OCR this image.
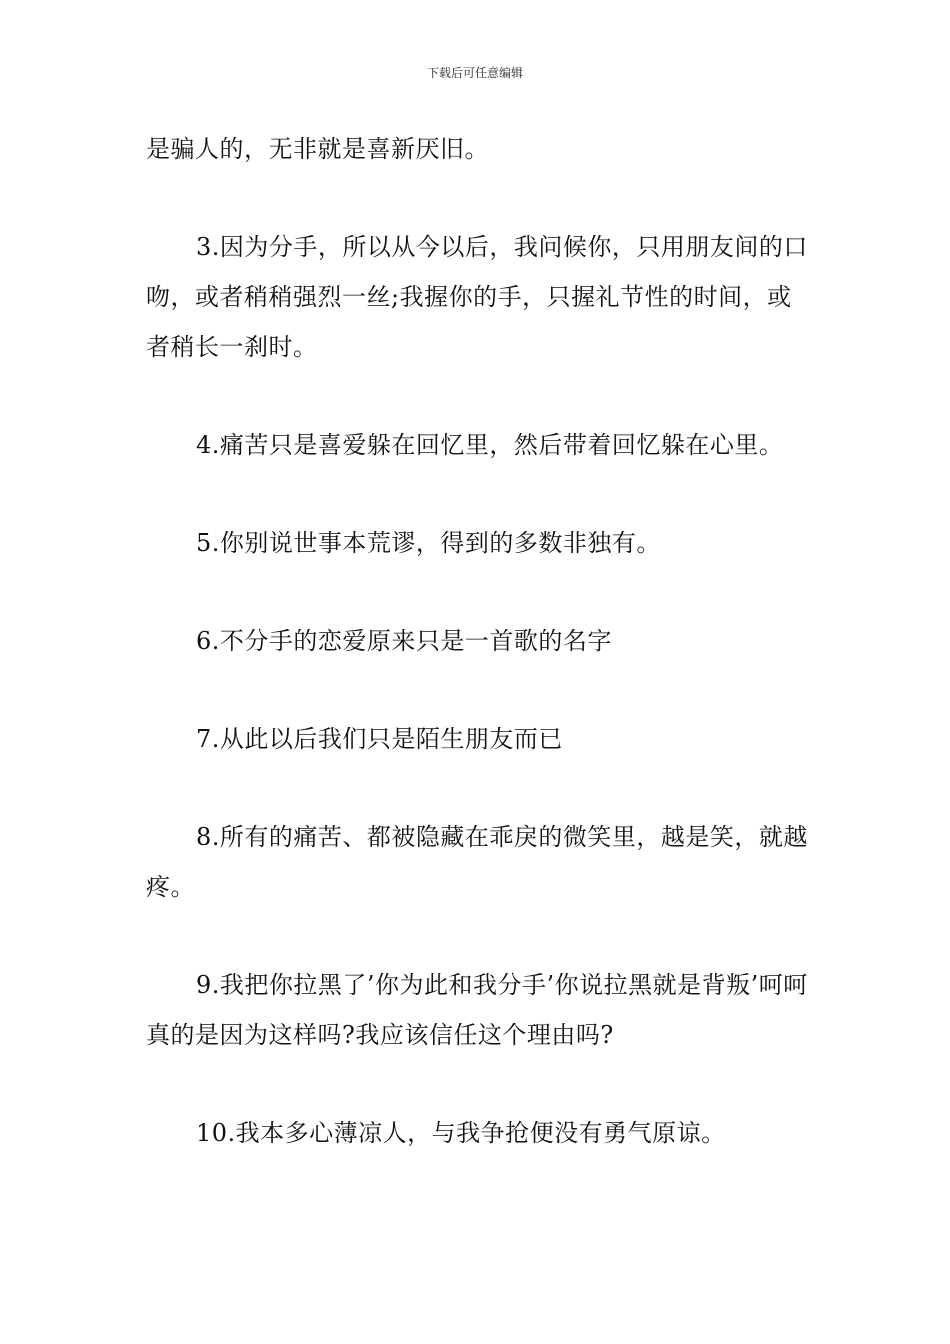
下载后可任意编辑

是骗人的，无非就是喜新厌旧。

3.因为分手，所以从今以后，我问候你，只用朋友间的口吻，或者稍稍强烈一丝;我握你的手，只握礼节性的时间，或者稍长一刹时。

4.痛苦只是喜爱躲在回忆里，然后带着回忆躲在心里。

5.你别说世事本荒谬，得到的多数非独有。

6.不分手的恋爱原来只是一首歌的名字

7.从此以后我们只是陌生朋友而已

8.所有的痛苦、都被隐藏在乖戾的微笑里，越是笑，就越疼。

9.我把你拉黑了’你为此和我分手’你说拉黑就是背叛’呵呵真的是因为这样吗?我应该信任这个理由吗?

10.我本多心薄凉人，与我争抢便没有勇气原谅。
